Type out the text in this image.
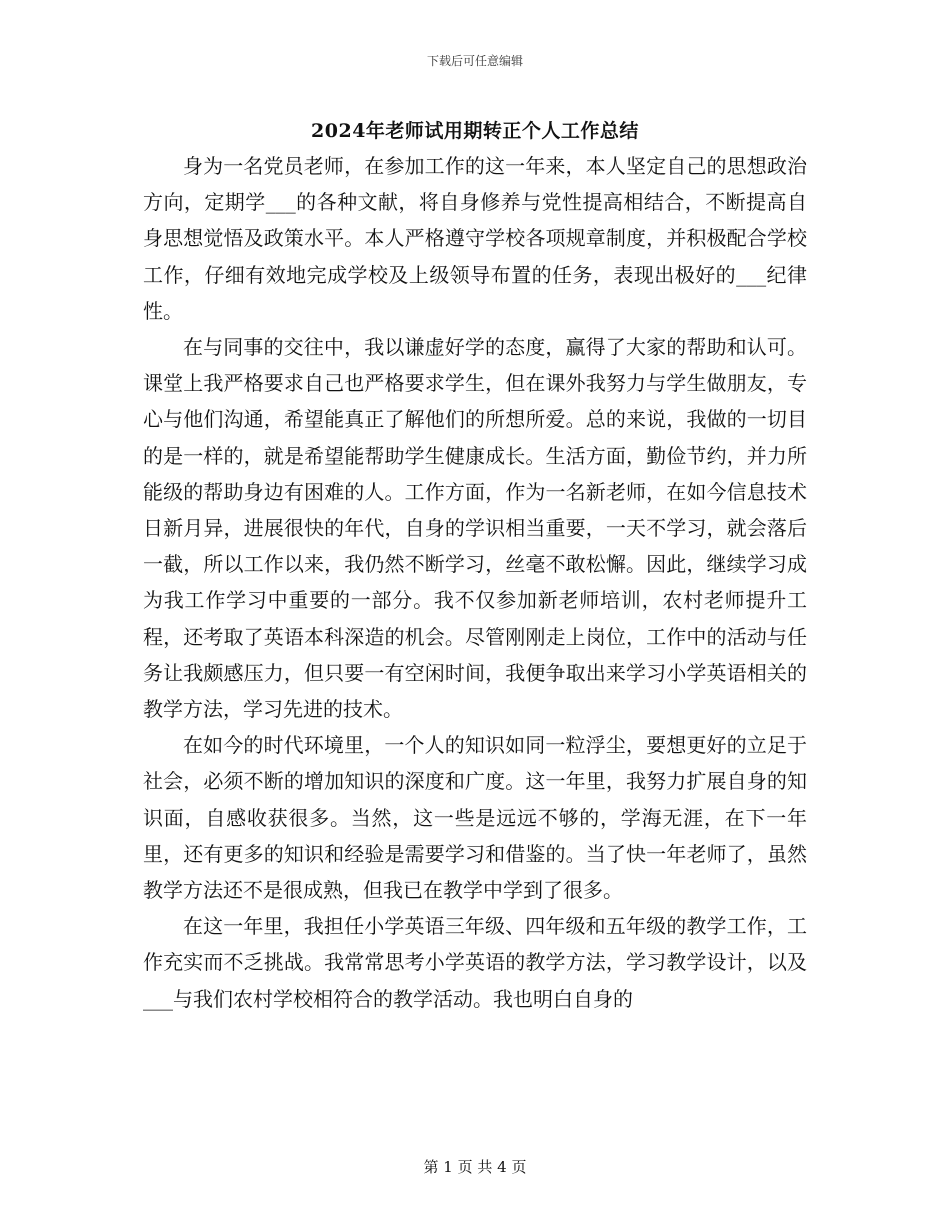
下载后可任意编辑
2024年老师试用期转正个人工作总结

身为一名党员老师，在参加工作的这一年来，本人坚定自己的思想政治方向，定期学___的各种文献，将自身修养与党性提高相结合，不断提高自身思想觉悟及政策水平。本人严格遵守学校各项规章制度，并积极配合学校工作，仔细有效地完成学校及上级领导布置的任务，表现出极好的___纪律性。

在与同事的交往中，我以谦虚好学的态度，赢得了大家的帮助和认可。课堂上我严格要求自己也严格要求学生，但在课外我努力与学生做朋友，专心与他们沟通，希望能真正了解他们的所想所爱。总的来说，我做的一切目的是一样的，就是希望能帮助学生健康成长。生活方面，勤俭节约，并力所能级的帮助身边有困难的人。工作方面，作为一名新老师，在如今信息技术日新月异，进展很快的年代，自身的学识相当重要，一天不学习，就会落后一截，所以工作以来，我仍然不断学习，丝毫不敢松懈。因此，继续学习成为我工作学习中重要的一部分。我不仅参加新老师培训，农村老师提升工程，还考取了英语本科深造的机会。尽管刚刚走上岗位，工作中的活动与任务让我颇感压力，但只要一有空闲时间，我便争取出来学习小学英语相关的教学方法，学习先进的技术。

在如今的时代环境里，一个人的知识如同一粒浮尘，要想更好的立足于社会，必须不断的增加知识的深度和广度。这一年里，我努力扩展自身的知识面，自感收获很多。当然，这一些是远远不够的，学海无涯，在下一年里，还有更多的知识和经验是需要学习和借鉴的。当了快一年老师了，虽然教学方法还不是很成熟，但我已在教学中学到了很多。

在这一年里，我担任小学英语三年级、四年级和五年级的教学工作，工作充实而不乏挑战。我常常思考小学英语的教学方法，学习教学设计，以及___与我们农村学校相符合的教学活动。我也明白自身的

第 1 页 共 4 页
